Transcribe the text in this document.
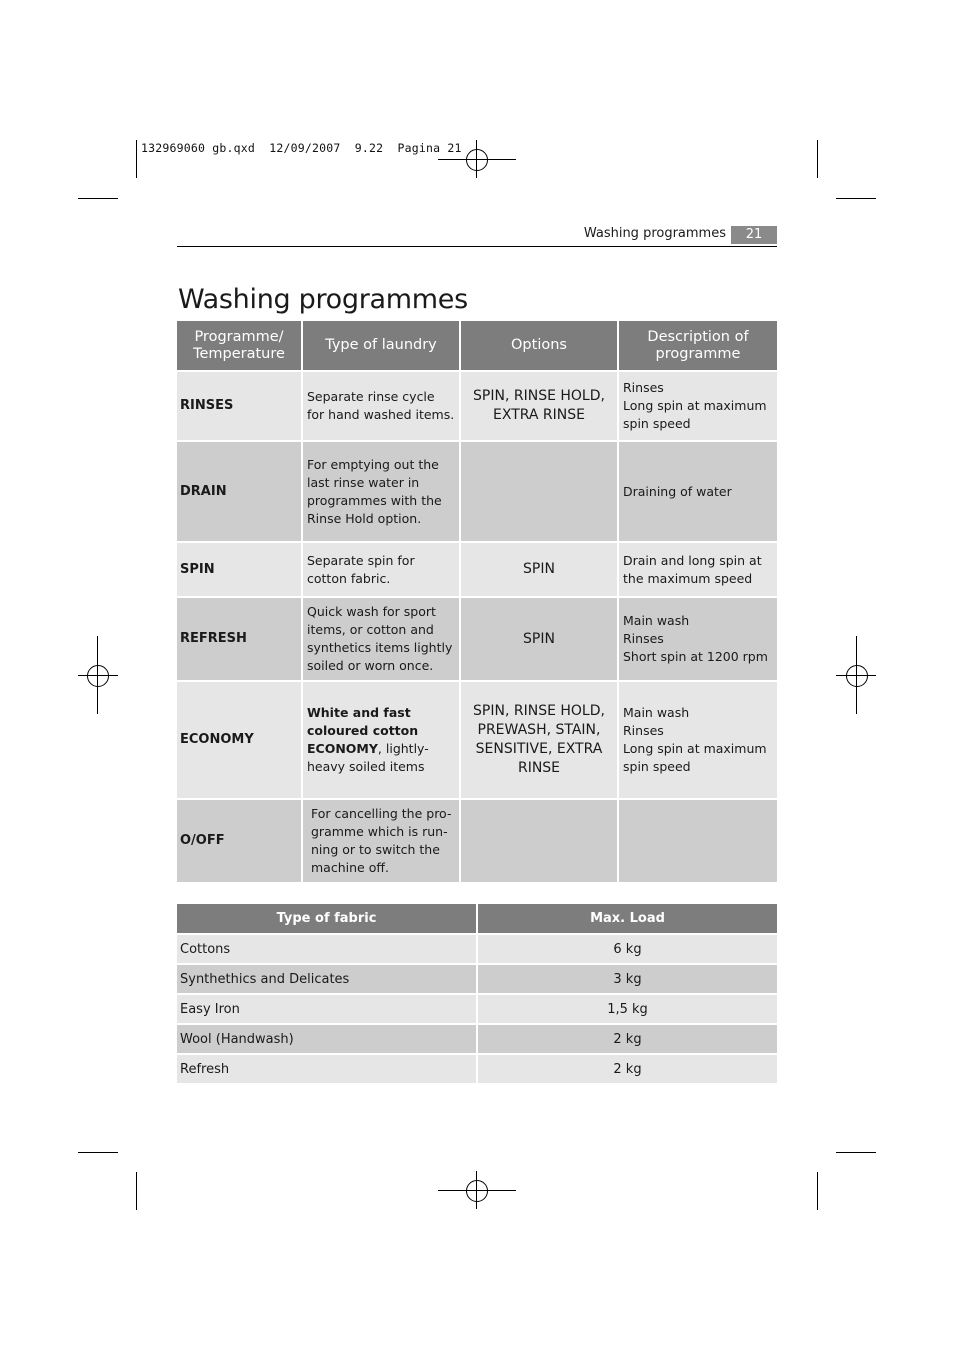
132969060 gb.qxd  12/09/2007  9.22  Pagina 21
Washing programmes	21
Washing programmes
Programme/ Temperature	Type of laundry	Options	Description of programme
RINSES	Separate rinse cycle for hand washed items.	SPIN, RINSE HOLD, EXTRA RINSE	Rinses
Long spin at maximum spin speed

DRAIN	For emptying out the last rinse water in programmes with the Rinse Hold option.		Draining of water

SPIN	Separate spin for cotton fabric.	SPIN	Drain and long spin at the maximum speed

REFRESH	Quick wash for sport items, or cotton and synthetics items lightly soiled or worn once.	SPIN	Main wash
Rinses
Short spin at 1200 rpm

ECONOMY	White and fast coloured cotton ECONOMY, lightly-heavy soiled items	SPIN, RINSE HOLD, PREWASH, STAIN, SENSITIVE, EXTRA RINSE	Main wash
Rinses
Long spin at maximum spin speed

O/OFF	For cancelling the pro-gramme which is run-ning or to switch the machine off.		
Type of fabric	Max. Load
Cottons	6 kg
Synthethics and Delicates	3 kg
Easy Iron	1,5 kg
Wool (Handwash)	2 kg
Refresh	2 kg
